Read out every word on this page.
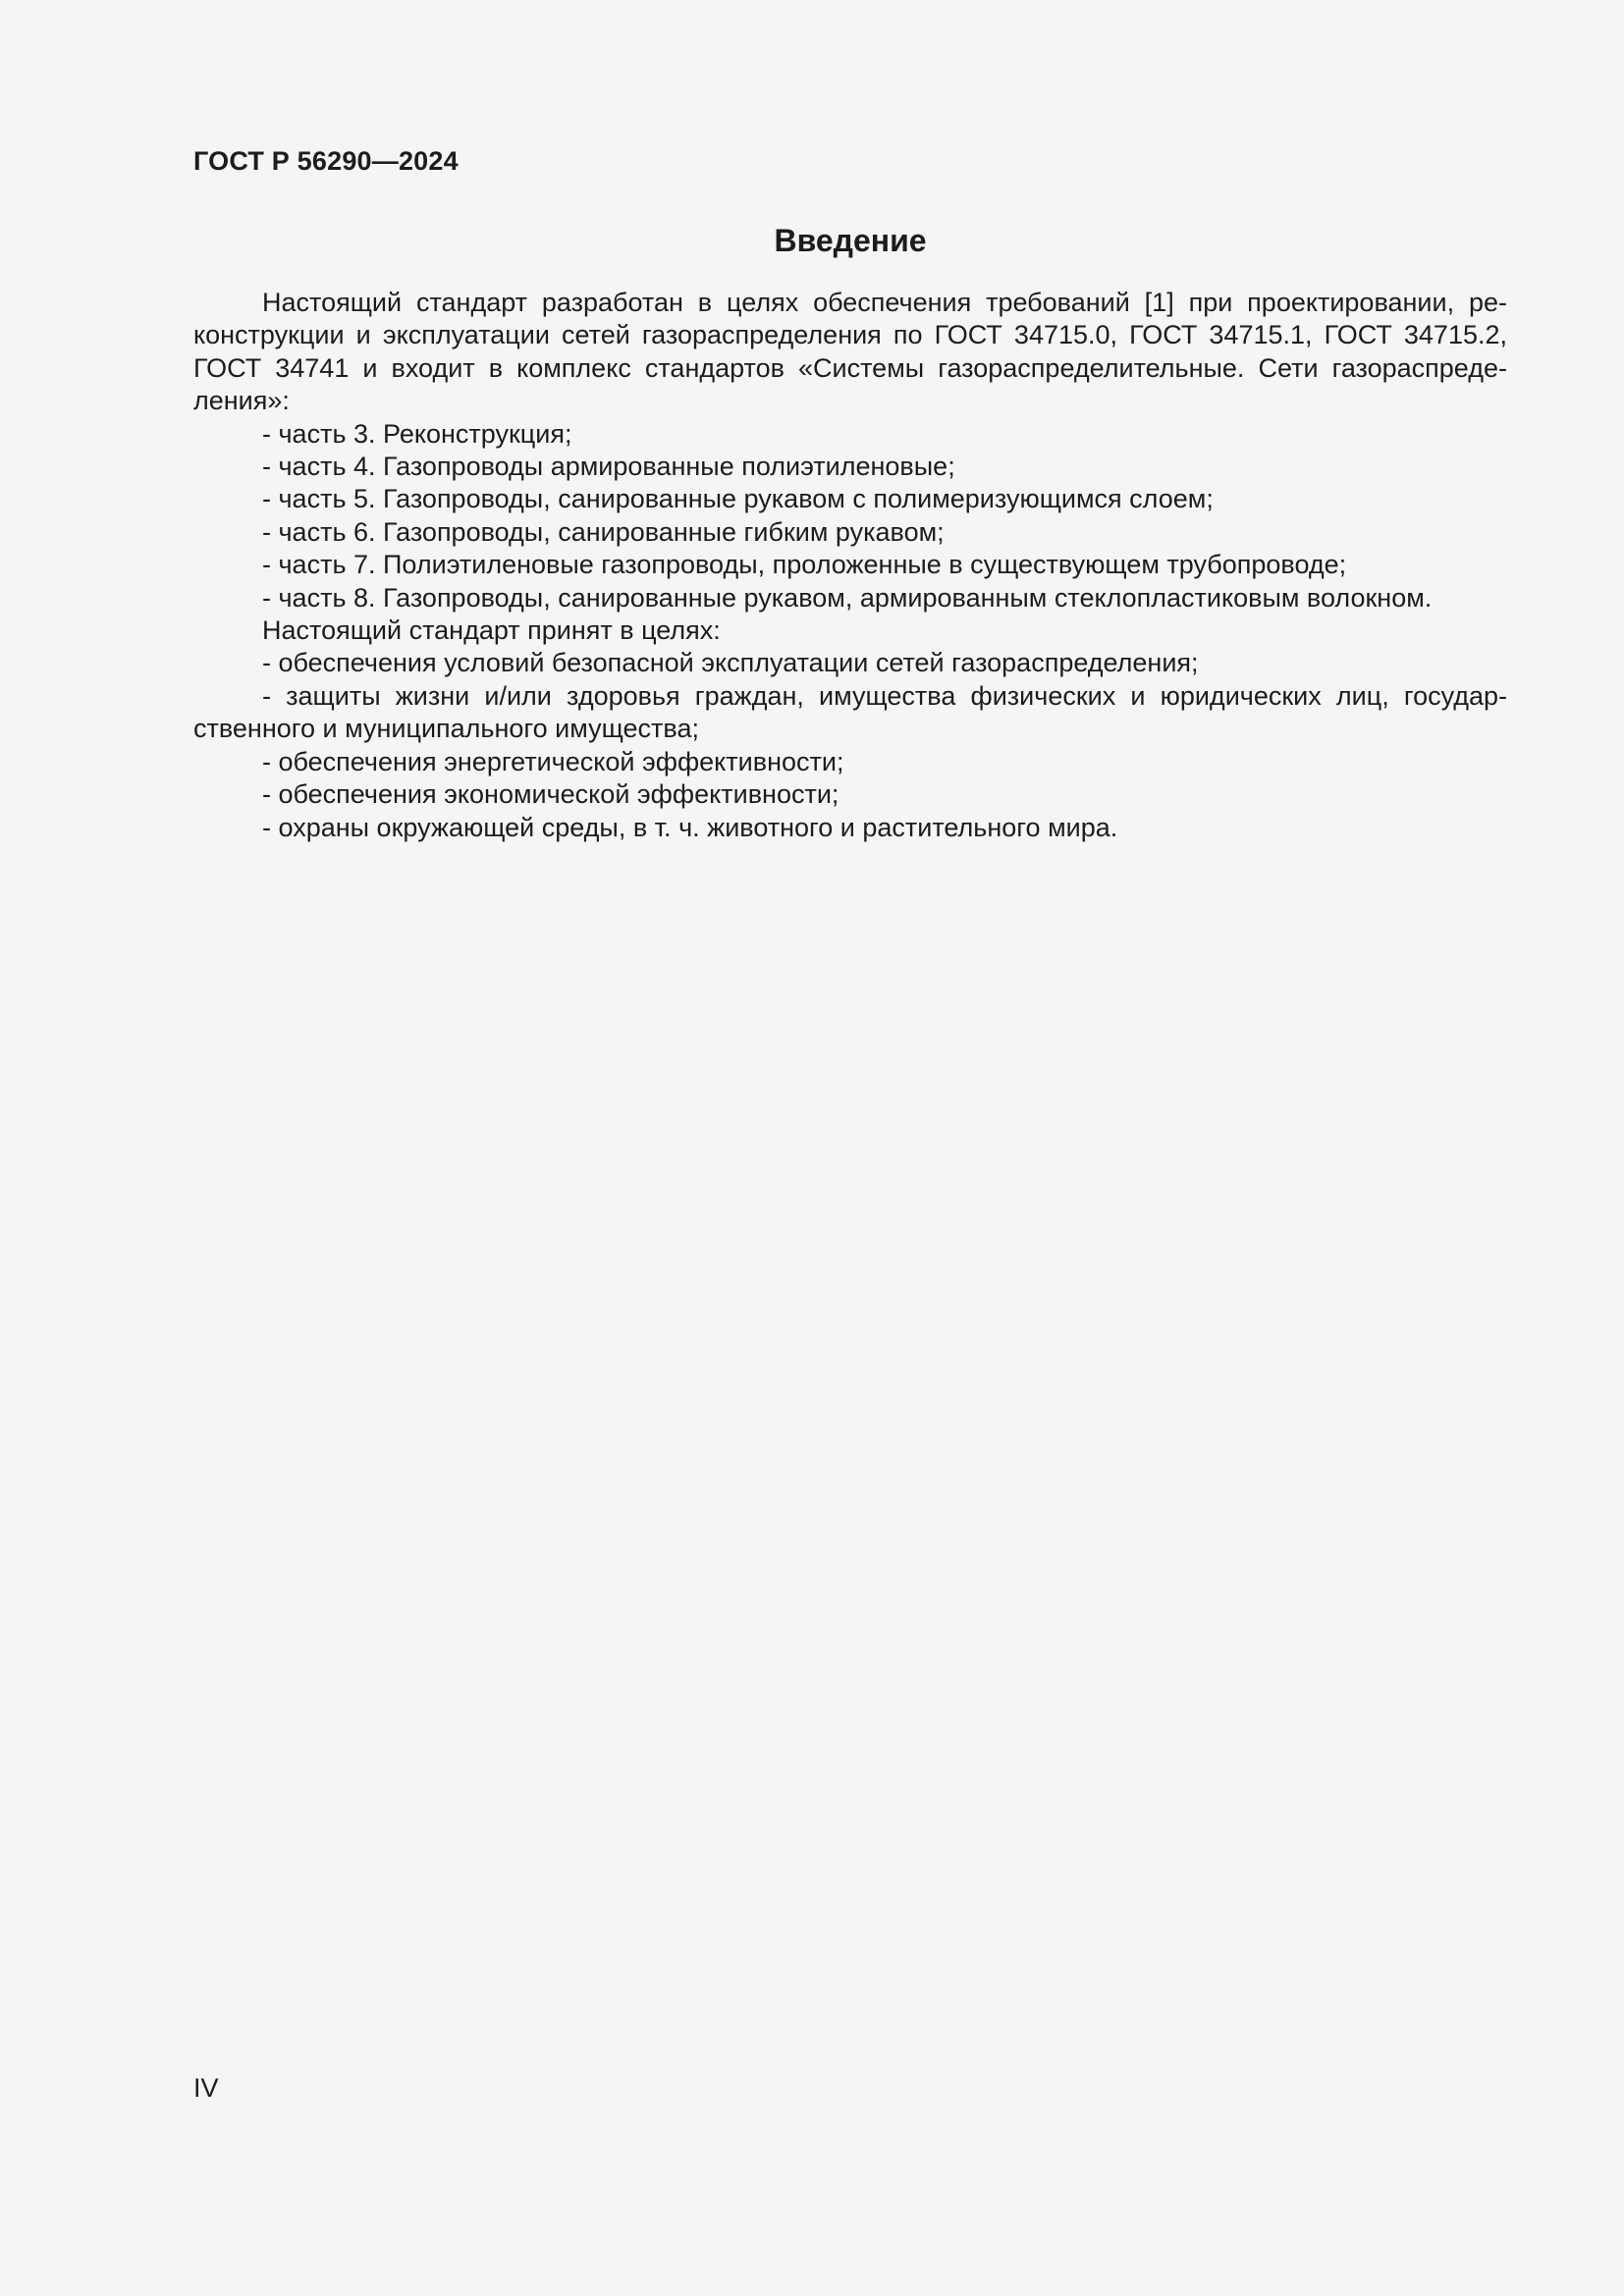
ГОСТ Р 56290—2024
Введение

Настоящий стандарт разработан в целях обеспечения требований [1] при проектировании, реконструкции и эксплуатации сетей газораспределения по ГОСТ 34715.0, ГОСТ 34715.1, ГОСТ 34715.2, ГОСТ 34741 и входит в комплекс стандартов «Системы газораспределительные. Сети газораспределения»:

- часть 3. Реконструкция;

- часть 4. Газопроводы армированные полиэтиленовые;

- часть 5. Газопроводы, санированные рукавом с полимеризующимся слоем;

- часть 6. Газопроводы, санированные гибким рукавом;

- часть 7. Полиэтиленовые газопроводы, проложенные в существующем трубопроводе;

- часть 8. Газопроводы, санированные рукавом, армированным стеклопластиковым волокном.

Настоящий стандарт принят в целях:

- обеспечения условий безопасной эксплуатации сетей газораспределения;

- защиты жизни и/или здоровья граждан, имущества физических и юридических лиц, государственного и муниципального имущества;

- обеспечения энергетической эффективности;

- обеспечения экономической эффективности;

- охраны окружающей среды, в т. ч. животного и растительного мира.

IV
